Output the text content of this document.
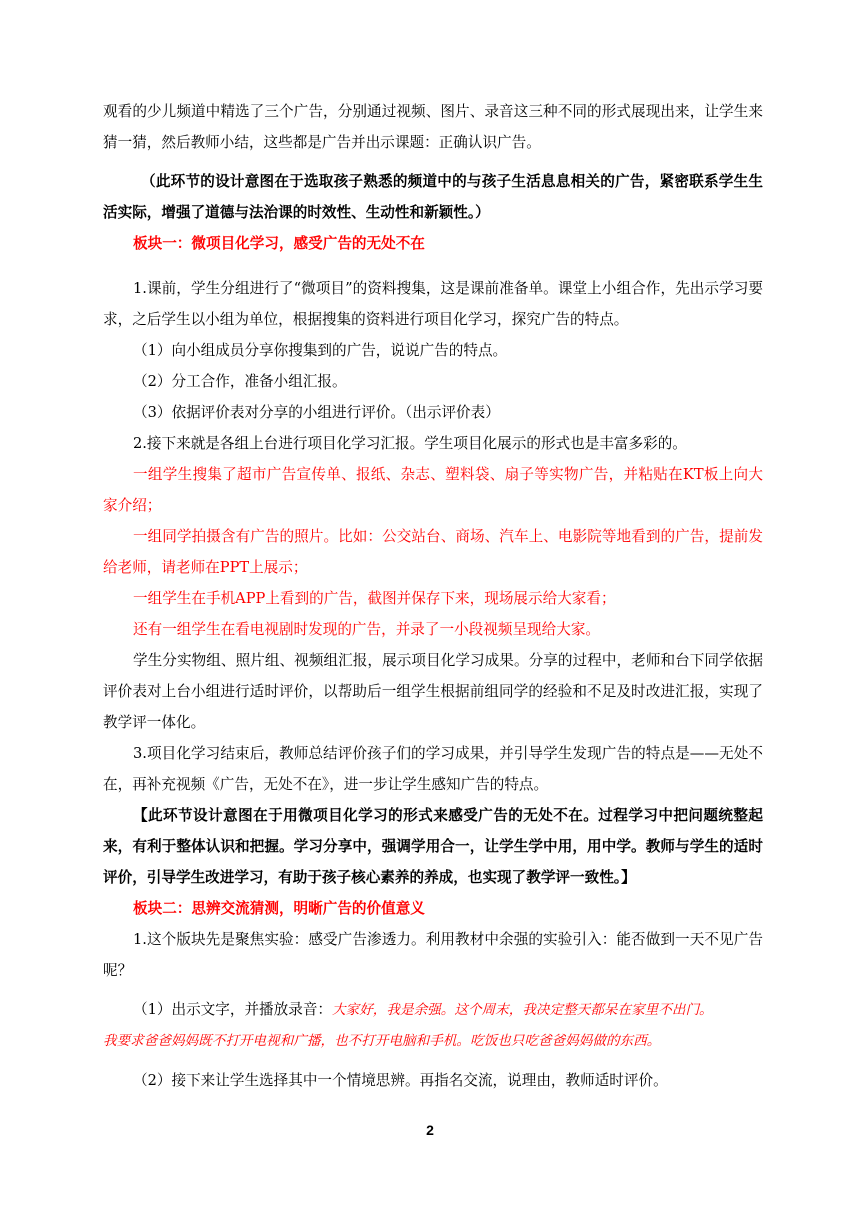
观看的少儿频道中精选了三个广告，分别通过视频、图片、录音这三种不同的形式展现出来，让学生来猜一猜，然后教师小结，这些都是广告并出示课题：正确认识广告。

（此环节的设计意图在于选取孩子熟悉的频道中的与孩子生活息息相关的广告，紧密联系学生生活实际，增强了道德与法治课的时效性、生动性和新颖性。）

板块一：微项目化学习，感受广告的无处不在

1.课前，学生分组进行了“微项目”的资料搜集，这是课前准备单。课堂上小组合作，先出示学习要求，之后学生以小组为单位，根据搜集的资料进行项目化学习，探究广告的特点。

（1）向小组成员分享你搜集到的广告，说说广告的特点。

（2）分工合作，准备小组汇报。

（3）依据评价表对分享的小组进行评价。（出示评价表）

2.接下来就是各组上台进行项目化学习汇报。学生项目化展示的形式也是丰富多彩的。

一组学生搜集了超市广告宣传单、报纸、杂志、塑料袋、扇子等实物广告，并粘贴在KT板上向大家介绍；

一组同学拍摄含有广告的照片。比如：公交站台、商场、汽车上、电影院等地看到的广告，提前发给老师，请老师在PPT上展示；

一组学生在手机APP上看到的广告，截图并保存下来，现场展示给大家看；

还有一组学生在看电视剧时发现的广告，并录了一小段视频呈现给大家。

学生分实物组、照片组、视频组汇报，展示项目化学习成果。分享的过程中，老师和台下同学依据评价表对上台小组进行适时评价，以帮助后一组学生根据前组同学的经验和不足及时改进汇报，实现了教学评一体化。

3.项目化学习结束后，教师总结评价孩子们的学习成果，并引导学生发现广告的特点是——无处不在，再补充视频《广告，无处不在》，进一步让学生感知广告的特点。

【此环节设计意图在于用微项目化学习的形式来感受广告的无处不在。过程学习中把问题统整起来，有利于整体认识和把握。学习分享中，强调学用合一，让学生学中用，用中学。教师与学生的适时评价，引导学生改进学习，有助于孩子核心素养的养成，也实现了教学评一致性。】

板块二：思辨交流猜测，明晰广告的价值意义

1.这个版块先是聚焦实验：感受广告渗透力。利用教材中余强的实验引入：能否做到一天不见广告呢？

（1）出示文字，并播放录音：大家好，我是余强。这个周末，我决定整天都呆在家里不出门。

我要求爸爸妈妈既不打开电视和广播，也不打开电脑和手机。吃饭也只吃爸爸妈妈做的东西。

（2）接下来让学生选择其中一个情境思辨。再指名交流，说理由，教师适时评价。

2
